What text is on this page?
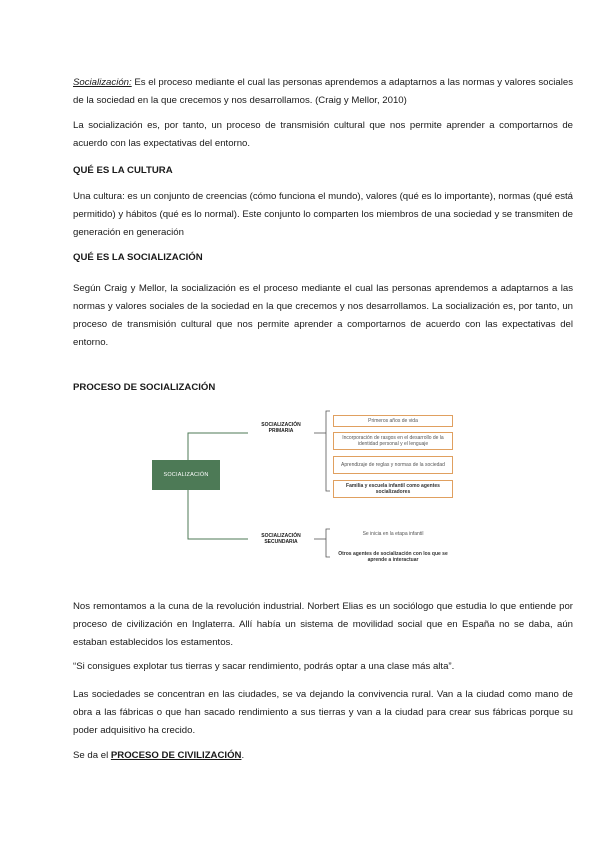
Socialización: Es el proceso mediante el cual las personas aprendemos a adaptarnos a las normas y valores sociales de la sociedad en la que crecemos y nos desarrollamos. (Craig y Mellor, 2010)

La socialización es, por tanto, un proceso de transmisión cultural que nos permite aprender a comportarnos de acuerdo con las expectativas del entorno.

QUÉ ES LA CULTURA

Una cultura: es un conjunto de creencias (cómo funciona el mundo), valores (qué es lo importante), normas (qué está permitido) y hábitos (qué es lo normal). Este conjunto lo comparten los miembros de una sociedad y se transmiten de generación en generación

QUÉ ES LA SOCIALIZACIÓN

Según Craig y Mellor, la socialización es el proceso mediante el cual las personas aprendemos a adaptarnos a las normas y valores sociales de la sociedad en la que crecemos y nos desarrollamos. La socialización es, por tanto, un proceso de transmisión cultural que nos permite aprender a comportarnos de acuerdo con las expectativas del entorno.

PROCESO DE SOCIALIZACIÓN

SOCIALIZACIÓN
SOCIALIZACIÓN PRIMARIA
SOCIALIZACIÓN SECUNDARIA
Primeros años de vida
Incorporación de rasgos en el desarrollo de la identidad personal y el lenguaje
Aprendizaje de reglas y normas de la sociedad
Familia y escuela infantil como agentes socializadores
Se inicia en la etapa infantil
Otros agentes de socialización con los que se aprende a interactuar

Nos remontamos a la cuna de la revolución industrial. Norbert Elias es un sociólogo que estudia lo que entiende por proceso de civilización en Inglaterra. Allí había un sistema de movilidad social que en España no se daba, aún estaban establecidos los estamentos.

“Si consigues explotar tus tierras y sacar rendimiento, podrás optar a una clase más alta”.

Las sociedades se concentran en las ciudades, se va dejando la convivencia rural. Van a la ciudad como mano de obra a las fábricas o que han sacado rendimiento a sus tierras y van a la ciudad para crear sus fábricas porque su poder adquisitivo ha crecido.

Se da el PROCESO DE CIVILIZACIÓN.
